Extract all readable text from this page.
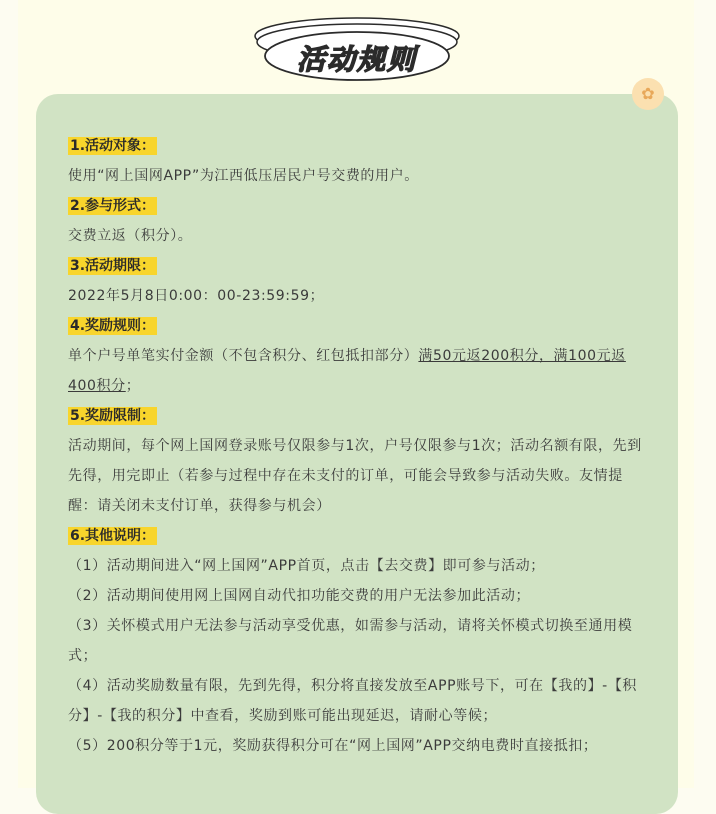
活动规则
✿

1.活动对象：

使用“网上国网APP”为江西低压居民户号交费的用户。

2.参与形式：

交费立返（积分）。

3.活动期限：

2022年5月8日0:00：00-23:59:59；

4.奖励规则：

单个户号单笔实付金额（不包含积分、红包抵扣部分）满50元返200积分，满100元返400积分；

5.奖励限制：

活动期间，每个网上国网登录账号仅限参与1次，户号仅限参与1次；活动名额有限，先到先得，用完即止（若参与过程中存在未支付的订单，可能会导致参与活动失败。友情提醒：请关闭未支付订单，获得参与机会）

6.其他说明：

（1）活动期间进入“网上国网”APP首页，点击【去交费】即可参与活动；

（2）活动期间使用网上国网自动代扣功能交费的用户无法参加此活动；

（3）关怀模式用户无法参与活动享受优惠，如需参与活动，请将关怀模式切换至通用模式；

（4）活动奖励数量有限，先到先得，积分将直接发放至APP账号下，可在【我的】-【积分】-【我的积分】中查看，奖励到账可能出现延迟，请耐心等候；

（5）200积分等于1元，奖励获得积分可在“网上国网”APP交纳电费时直接抵扣；
